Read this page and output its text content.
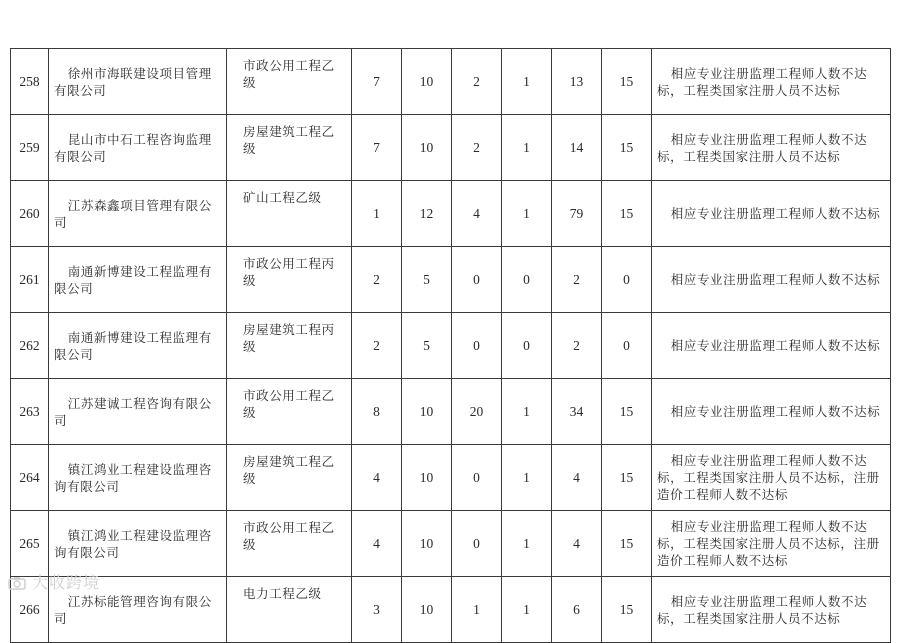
258	徐州市海联建设项目管理有限公司	市政公用工程乙级	7	10	2	1	13	15	相应专业注册监理工程师人数不达标，工程类国家注册人员不达标
259	昆山市中石工程咨询监理有限公司	房屋建筑工程乙级	7	10	2	1	14	15	相应专业注册监理工程师人数不达标，工程类国家注册人员不达标
260	江苏森鑫项目管理有限公司	矿山工程乙级	1	12	4	1	79	15	相应专业注册监理工程师人数不达标
261	南通新博建设工程监理有限公司	市政公用工程丙级	2	5	0	0	2	0	相应专业注册监理工程师人数不达标
262	南通新博建设工程监理有限公司	房屋建筑工程丙级	2	5	0	0	2	0	相应专业注册监理工程师人数不达标
263	江苏建诚工程咨询有限公司	市政公用工程乙级	8	10	20	1	34	15	相应专业注册监理工程师人数不达标
264	镇江鸿业工程建设监理咨询有限公司	房屋建筑工程乙级	4	10	0	1	4	15	相应专业注册监理工程师人数不达标，工程类国家注册人员不达标，注册造价工程师人数不达标
265	镇江鸿业工程建设监理咨询有限公司	市政公用工程乙级	4	10	0	1	4	15	相应专业注册监理工程师人数不达标，工程类国家注册人员不达标，注册造价工程师人数不达标
266	江苏标能管理咨询有限公司	电力工程乙级	3	10	1	1	6	15	相应专业注册监理工程师人数不达标，工程类国家注册人员不达标
大收跨境
